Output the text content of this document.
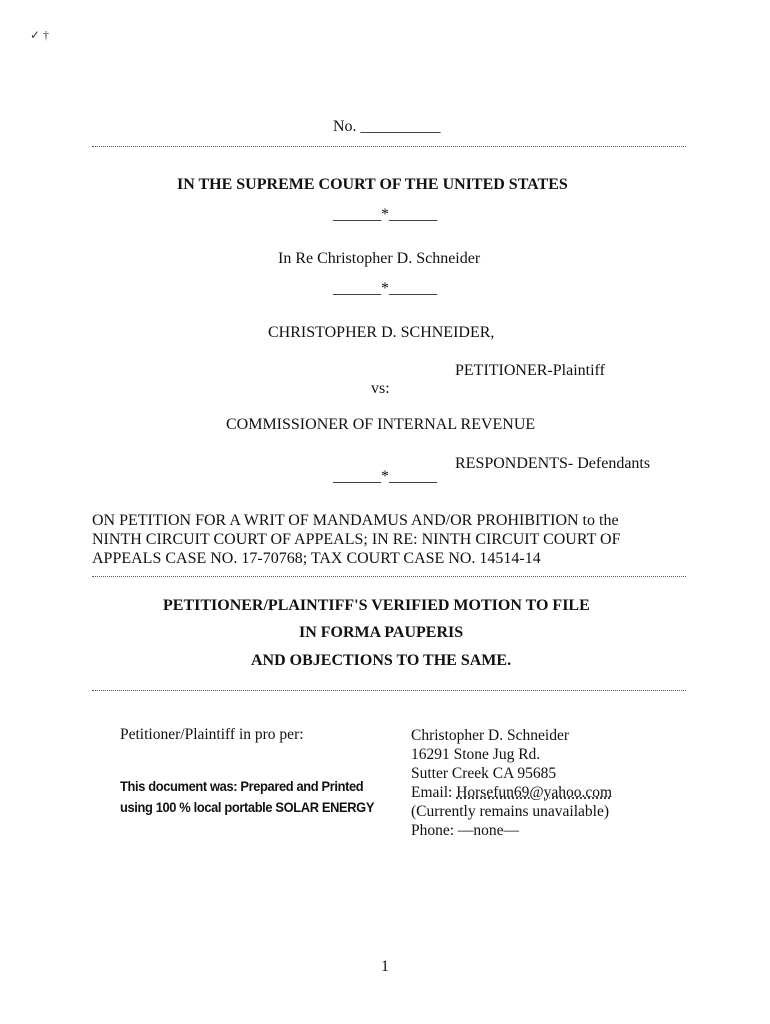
✓ †
No. __________
IN THE SUPREME COURT OF THE UNITED STATES
______*______
In Re Christopher D. Schneider
______*______
CHRISTOPHER D. SCHNEIDER,
PETITIONER-Plaintiff
vs:
COMMISSIONER OF INTERNAL REVENUE
RESPONDENTS- Defendants
______*______
ON PETITION FOR A WRIT OF MANDAMUS AND/OR PROHIBITION to the
NINTH CIRCUIT COURT OF APPEALS; IN RE: NINTH CIRCUIT COURT OF
APPEALS CASE NO. 17-70768; TAX COURT CASE NO. 14514-14
PETITIONER/PLAINTIFF'S VERIFIED MOTION TO FILE
IN FORMA PAUPERIS
AND OBJECTIONS TO THE SAME.
Petitioner/Plaintiff in pro per:
This document was: Prepared and Printed
using 100 % local portable SOLAR ENERGY
Christopher D. Schneider
16291 Stone Jug Rd.
Sutter Creek CA 95685
Email: Horsefun69@yahoo.com
(Currently remains unavailable)
Phone: —none—
1
